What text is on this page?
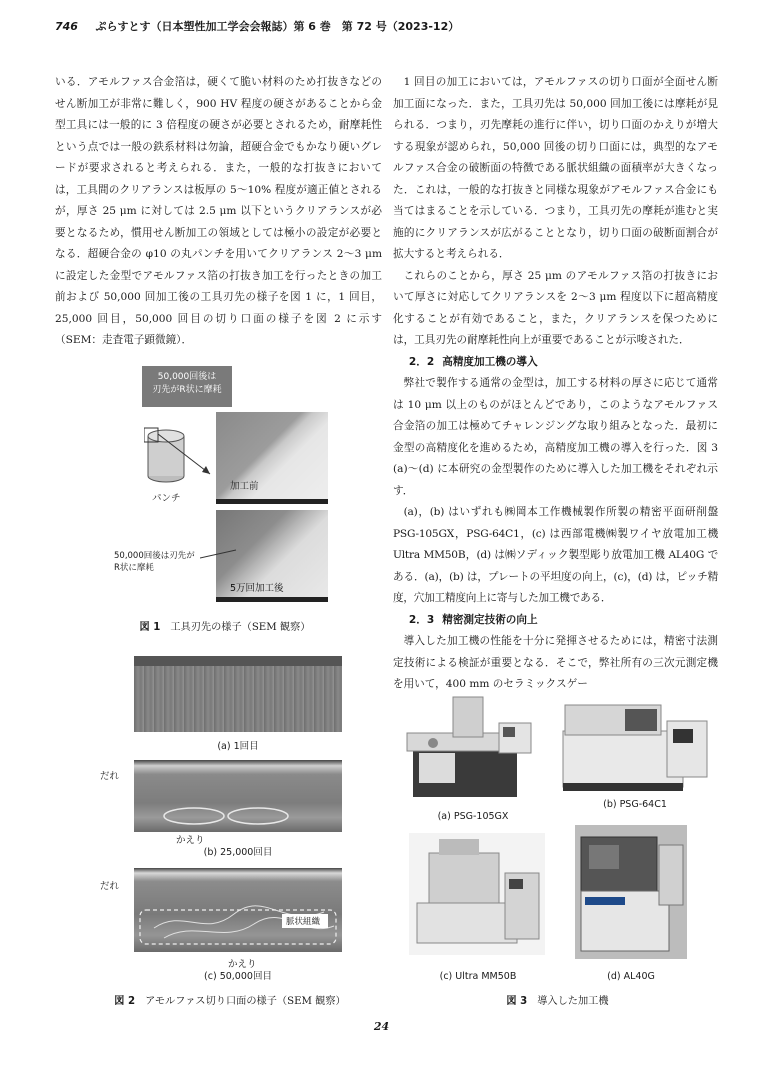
746 ぷらすとす（日本塑性加工学会会報誌）第 6 巻　第 72 号（2023-12）

いる．アモルファス合金箔は，硬くて脆い材料のため打抜きなどのせん断加工が非常に難しく，900 HV 程度の硬さがあることから金型工具には一般的に 3 倍程度の硬さが必要とされるため，耐摩耗性という点では一般の鉄系材料は勿論，超硬合金でもかなり硬いグレードが要求されると考えられる．また，一般的な打抜きにおいては，工具間のクリアランスは板厚の 5～10% 程度が適正値とされるが，厚さ 25 μm に対しては 2.5 μm 以下というクリアランスが必要となるため，慣用せん断加工の領域としては極小の設定が必要となる．超硬合金の φ10 の丸パンチを用いてクリアランス 2～3 μm に設定した金型でアモルファス箔の打抜き加工を行ったときの加工前および 50,000 回加工後の工具刃先の様子を図 1 に，1 回目，25,000 回目，50,000 回目の切り口面の様子を図 2 に示す（SEM：走査電子顕微鏡）．

1 回目の加工においては，アモルファスの切り口面が全面せん断加工面になった．また，工具刃先は 50,000 回加工後には摩耗が見られる．つまり，刃先摩耗の進行に伴い，切り口面のかえりが増大する現象が認められ，50,000 回後の切り口面には，典型的なアモルファス合金の破断面の特徴である脈状組織の面積率が大きくなった．これは，一般的な打抜きと同様な現象がアモルファス合金にも当てはまることを示している．つまり，工具刃先の摩耗が進むと実施的にクリアランスが広がることとなり，切り口面の破断面割合が拡大すると考えられる．

これらのことから，厚さ 25 μm のアモルファス箔の打抜きにおいて厚さに対応してクリアランスを 2～3 μm 程度以下に超高精度化することが有効であること，また，クリアランスを保つためには，工具刃先の耐摩耗性向上が重要であることが示唆された．

2．2 高精度加工機の導入

弊社で製作する通常の金型は，加工する材料の厚さに応じて通常は 10 μm 以上のものがほとんどであり，このようなアモルファス合金箔の加工は極めてチャレンジングな取り組みとなった．最初に金型の高精度化を進めるため，高精度加工機の導入を行った．図 3 (a)～(d) に本研究の金型製作のために導入した加工機をそれぞれ示す．

(a)，(b) はいずれも㈱岡本工作機械製作所製の精密平面研削盤 PSG-105GX，PSG-64C1，(c) は西部電機㈱製ワイヤ放電加工機 Ultra MM50B，(d) は㈱ソディック製型彫り放電加工機 AL40G である．(a)，(b) は，プレートの平坦度の向上，(c)，(d) は，ピッチ精度，穴加工精度向上に寄与した加工機である．

2．3 精密測定技術の向上

導入した加工機の性能を十分に発揮させるためには，精密寸法測定技術による検証が重要となる．そこで，弊社所有の三次元測定機を用いて，400 mm のセラミックスゲー

50,000回後は
刃先がR状に摩耗
パンチ
加工前
5万回加工後
50,000回後は刃先が
R状に摩耗
図 1 工具刃先の様子（SEM 観察）
(a) 1回目
だれ
かえり
(b) 25,000回目
だれ
脈状組織
かえり
(c) 50,000回目
図 2 アモルファス切り口面の様子（SEM 観察）
(a) PSG-105GX
(b) PSG-64C1
(c) Ultra MM50B	(d) AL40G
図 3 導入した加工機
24
